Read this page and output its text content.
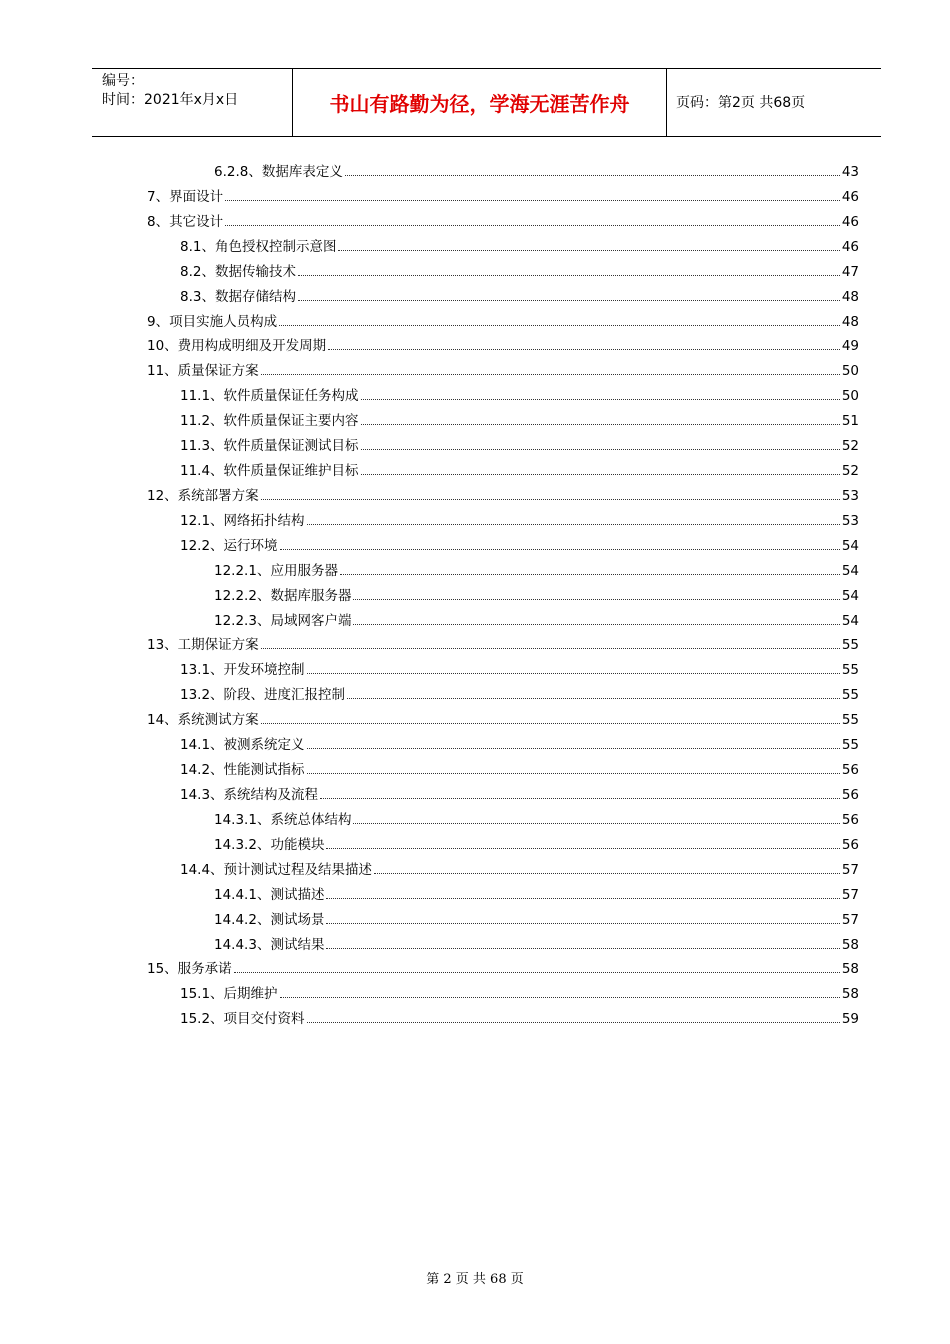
编号：
时间：2021年x月x日	书山有路勤为径，学海无涯苦作舟	页码：第2页 共68页
6.2.8、数据库表定义	43
7、界面设计	46
8、其它设计	46
8.1、角色授权控制示意图	46
8.2、数据传输技术	47
8.3、数据存储结构	48
9、项目实施人员构成	48
10、费用构成明细及开发周期	49
11、质量保证方案	50
11.1、软件质量保证任务构成	50
11.2、软件质量保证主要内容	51
11.3、软件质量保证测试目标	52
11.4、软件质量保证维护目标	52
12、系统部署方案	53
12.1、网络拓扑结构	53
12.2、运行环境	54
12.2.1、应用服务器	54
12.2.2、数据库服务器	54
12.2.3、局域网客户端	54
13、工期保证方案	55
13.1、开发环境控制	55
13.2、阶段、进度汇报控制	55
14、系统测试方案	55
14.1、被测系统定义	55
14.2、性能测试指标	56
14.3、系统结构及流程	56
14.3.1、系统总体结构	56
14.3.2、功能模块	56
14.4、预计测试过程及结果描述	57
14.4.1、测试描述	57
14.4.2、测试场景	57
14.4.3、测试结果	58
15、服务承诺	58
15.1、后期维护	58
15.2、项目交付资料	59
第 2 页 共 68 页
